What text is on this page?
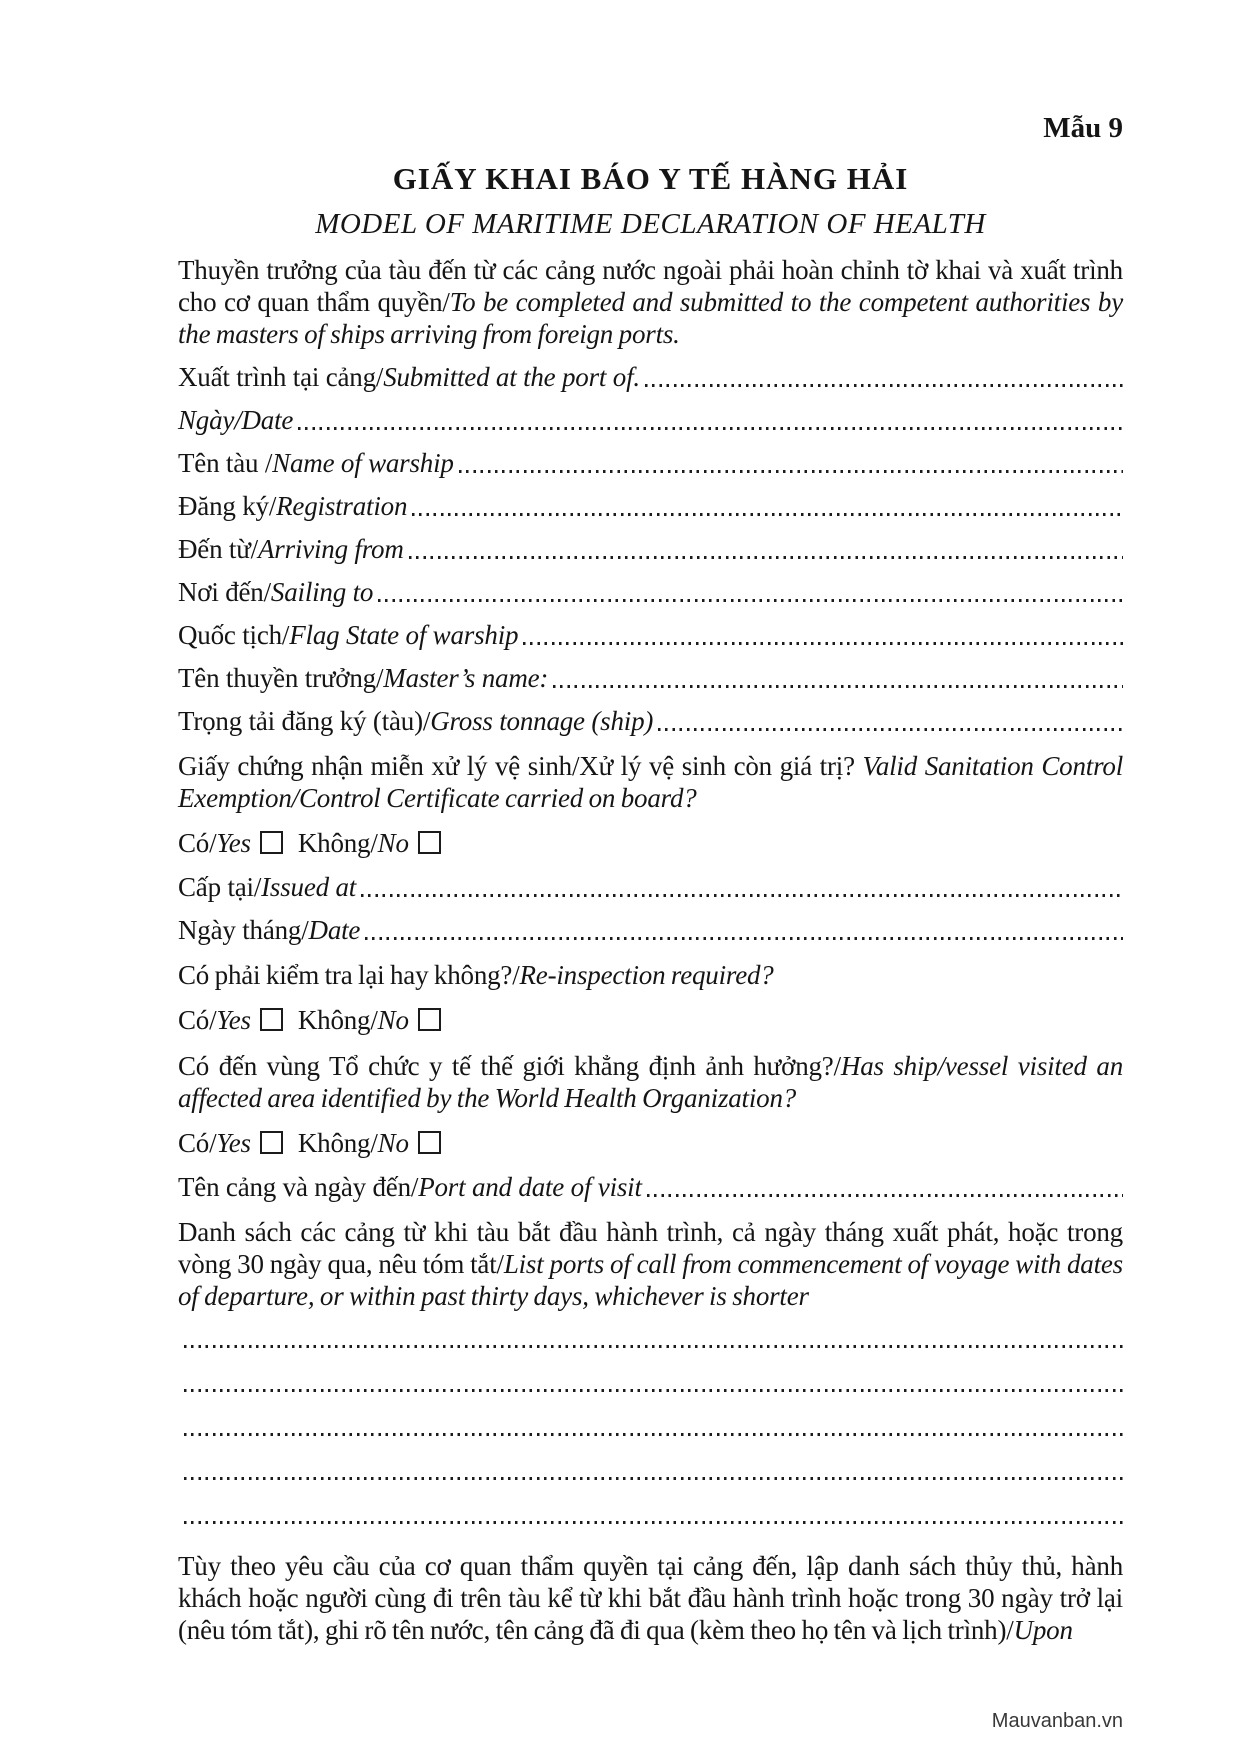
Mẫu 9
GIẤY KHAI BÁO Y TẾ HÀNG HẢI
MODEL OF MARITIME DECLARATION OF HEALTH
Thuyền trưởng của tàu đến từ các cảng nước ngoài phải hoàn chỉnh tờ khai và xuất trình cho cơ quan thẩm quyền/To be completed and submitted to the competent authorities by the masters of ships arriving from foreign ports.
Xuất trình tại cảng/Submitted at the port of.
Ngày/Date
Tên tàu /Name of warship
Đăng ký/Registration
Đến từ/Arriving from
Nơi đến/Sailing to
Quốc tịch/Flag State of warship
Tên thuyền trưởng/Master’s name:
Trọng tải đăng ký (tàu)/Gross tonnage (ship)
Giấy chứng nhận miễn xử lý vệ sinh/Xử lý vệ sinh còn giá trị? Valid Sanitation Control Exemption/Control Certificate carried on board?
Có/Yes Không/No
Cấp tại/Issued at
Ngày tháng/Date
Có phải kiểm tra lại hay không?/Re-inspection required?
Có/Yes Không/No
Có đến vùng Tổ chức y tế thế giới khẳng định ảnh hưởng?/Has ship/vessel visited an affected area identified by the World Health Organization?
Có/Yes Không/No
Tên cảng và ngày đến/Port and date of visit
Danh sách các cảng từ khi tàu bắt đầu hành trình, cả ngày tháng xuất phát, hoặc trong vòng 30 ngày qua, nêu tóm tắt/List ports of call from commencement of voyage with dates of departure, or within past thirty days, whichever is shorter
Tùy theo yêu cầu của cơ quan thẩm quyền tại cảng đến, lập danh sách thủy thủ, hành khách hoặc người cùng đi trên tàu kể từ khi bắt đầu hành trình hoặc trong 30 ngày trở lại (nêu tóm tắt), ghi rõ tên nước, tên cảng đã đi qua (kèm theo họ tên và lịch trình)/Upon
Mauvanban.vn
